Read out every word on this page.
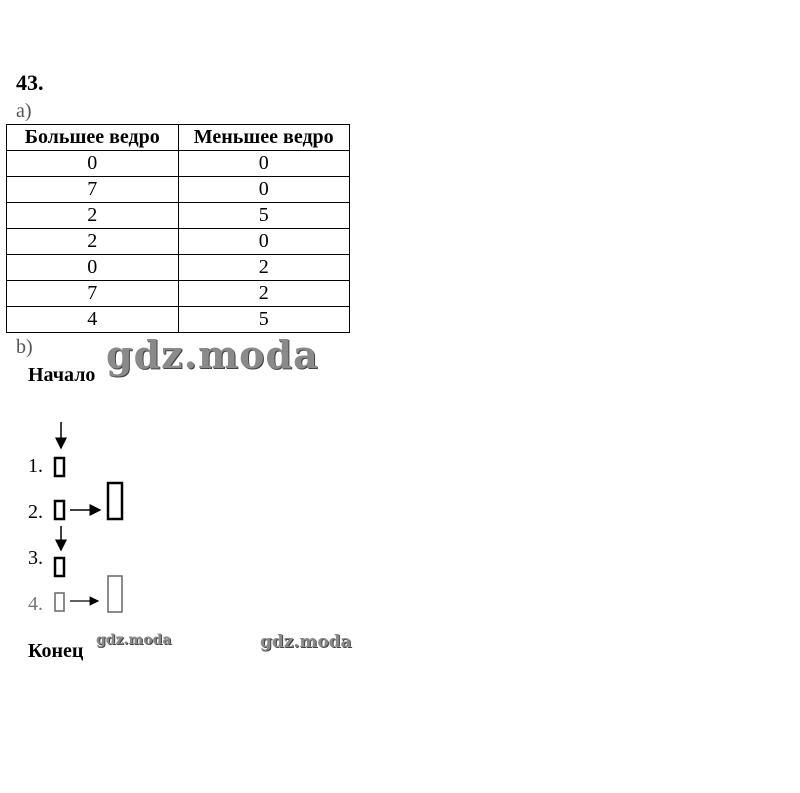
43.
a)
Большее ведро	Меньшее ведро
0	0
7	0
2	5
2	0
0	2
7	2
4	5
b)
Начало
1.
2.
3.
4.
Конец
gdz.moda
gdz.moda	gdz.moda
